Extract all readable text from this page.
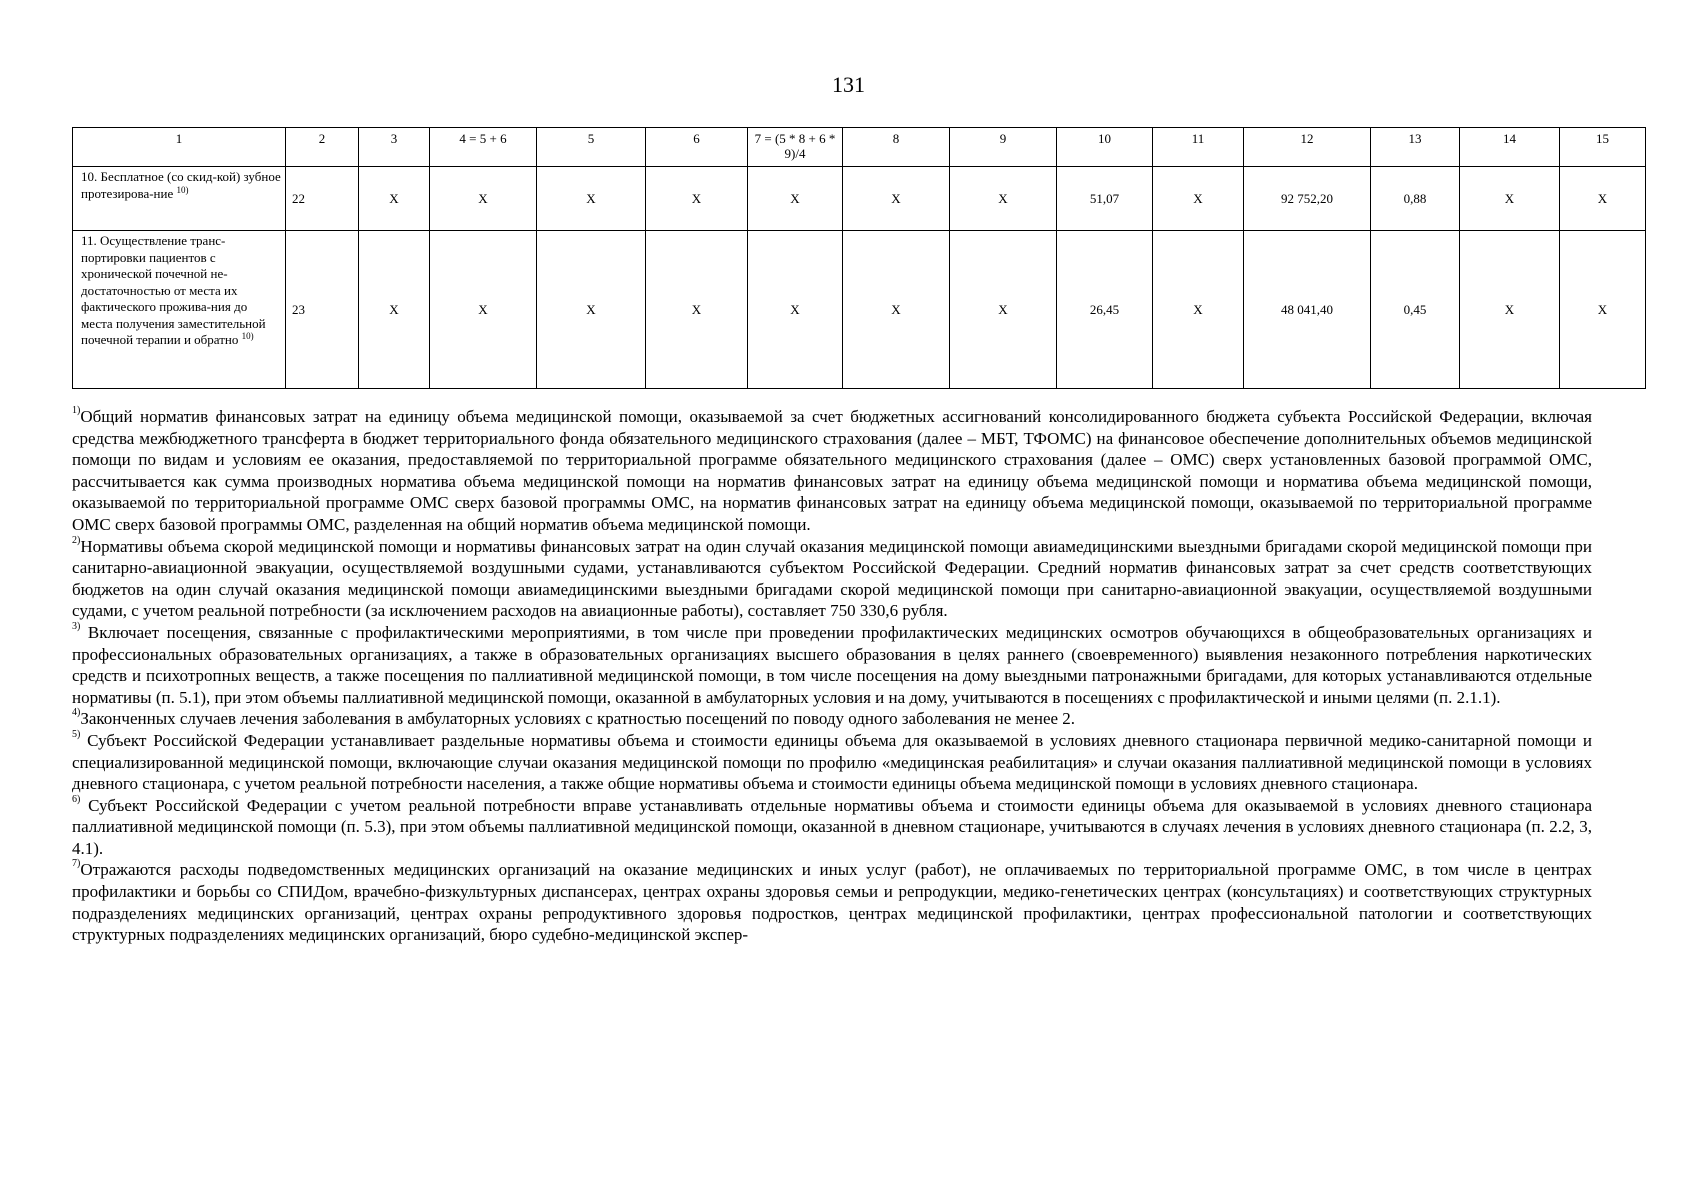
131
1	2	3	4 = 5 + 6	5	6	7 = (5 * 8 + 6 * 9)/4	8	9	10	11	12	13	14	15
10. Бесплатное (со скид-кой) зубное протезирова-ние $^{10)}$	22	X	X	X	X	X	X	X	51,07	X	92 752,20	0,88	X	X
11. Осуществление транс-портировки пациентов с хронической почечной не-достаточностью от места их фактического прожива-ния до места получения заместительной почечной терапии и обратно $^{10)}$	23	X	X	X	X	X	X	X	26,45	X	48 041,40	0,45	X	X

$^{1)}$Общий норматив финансовых затрат на единицу объема медицинской помощи, оказываемой за счет бюджетных ассигнований консолидированного бюджета субъекта Российской Федерации, включая средства межбюджетного трансферта в бюджет территориального фонда обязательного медицинского страхования (далее – МБТ, ТФОМС) на финансовое обеспечение дополнительных объемов медицинской помощи по видам и условиям ее оказания, предоставляемой по территориальной программе обязательного медицинского страхования (далее – ОМС) сверх установленных базовой программой ОМС, рассчитывается как сумма производных норматива объема медицинской помощи на норматив финансовых затрат на единицу объема медицинской помощи и норматива объема медицинской помощи, оказываемой по территориальной программе ОМС сверх базовой программы ОМС, на норматив финансовых затрат на единицу объема медицинской помощи, оказываемой по территориальной программе ОМС сверх базовой программы ОМС, разделенная на общий норматив объема медицинской помощи.

$^{2)}$Нормативы объема скорой медицинской помощи и нормативы финансовых затрат на один случай оказания медицинской помощи авиамедицинскими выездными бригадами скорой медицинской помощи при санитарно-авиационной эвакуации, осуществляемой воздушными судами, устанавливаются субъектом Российской Федерации. Средний норматив финансовых затрат за счет средств соответствующих бюджетов на один случай оказания медицинской помощи авиамедицинскими выездными бригадами скорой медицинской помощи при санитарно-авиационной эвакуации, осуществляемой воздушными судами, с учетом реальной потребности (за исключением расходов на авиационные работы), составляет 750 330,6 рубля.

$^{3)}$ Включает посещения, связанные с профилактическими мероприятиями, в том числе при проведении профилактических медицинских осмотров обучающихся в общеобразовательных организациях и профессиональных образовательных организациях, а также в образовательных организациях высшего образования в целях раннего (своевременного) выявления незаконного потребления наркотических средств и психотропных веществ, а также посещения по паллиативной медицинской помощи, в том числе посещения на дому выездными патронажными бригадами, для которых устанавливаются отдельные нормативы (п. 5.1), при этом объемы паллиативной медицинской помощи, оказанной в амбулаторных условия и на дому, учитываются в посещениях с профилактической и иными целями (п. 2.1.1).

$^{4)}$Законченных случаев лечения заболевания в амбулаторных условиях с кратностью посещений по поводу одного заболевания не менее 2.

$^{5)}$ Субъект Российской Федерации устанавливает раздельные нормативы объема и стоимости единицы объема для оказываемой в условиях дневного стационара первичной медико-санитарной помощи и специализированной медицинской помощи, включающие случаи оказания медицинской помощи по профилю «медицинская реабилитация» и случаи оказания паллиативной медицинской помощи в условиях дневного стационара, с учетом реальной потребности населения, а также общие нормативы объема и стоимости единицы объема медицинской помощи в условиях дневного стационара.

$^{6)}$ Субъект Российской Федерации с учетом реальной потребности вправе устанавливать отдельные нормативы объема и стоимости единицы объема для оказываемой в условиях дневного стационара паллиативной медицинской помощи (п. 5.3), при этом объемы паллиативной медицинской помощи, оказанной в дневном стационаре, учитываются в случаях лечения в условиях дневного стационара (п. 2.2, 3, 4.1).

$^{7)}$Отражаются расходы подведомственных медицинских организаций на оказание медицинских и иных услуг (работ), не оплачиваемых по территориальной программе ОМС, в том числе в центрах профилактики и борьбы со СПИДом, врачебно-физкультурных диспансерах, центрах охраны здоровья семьи и репродукции, медико-генетических центрах (консультациях) и соответствующих структурных подразделениях медицинских организаций, центрах охраны репродуктивного здоровья подростков, центрах медицинской профилактики, центрах профессиональной патологии и соответствующих структурных подразделениях медицинских организаций, бюро судебно-медицинской экспер-
